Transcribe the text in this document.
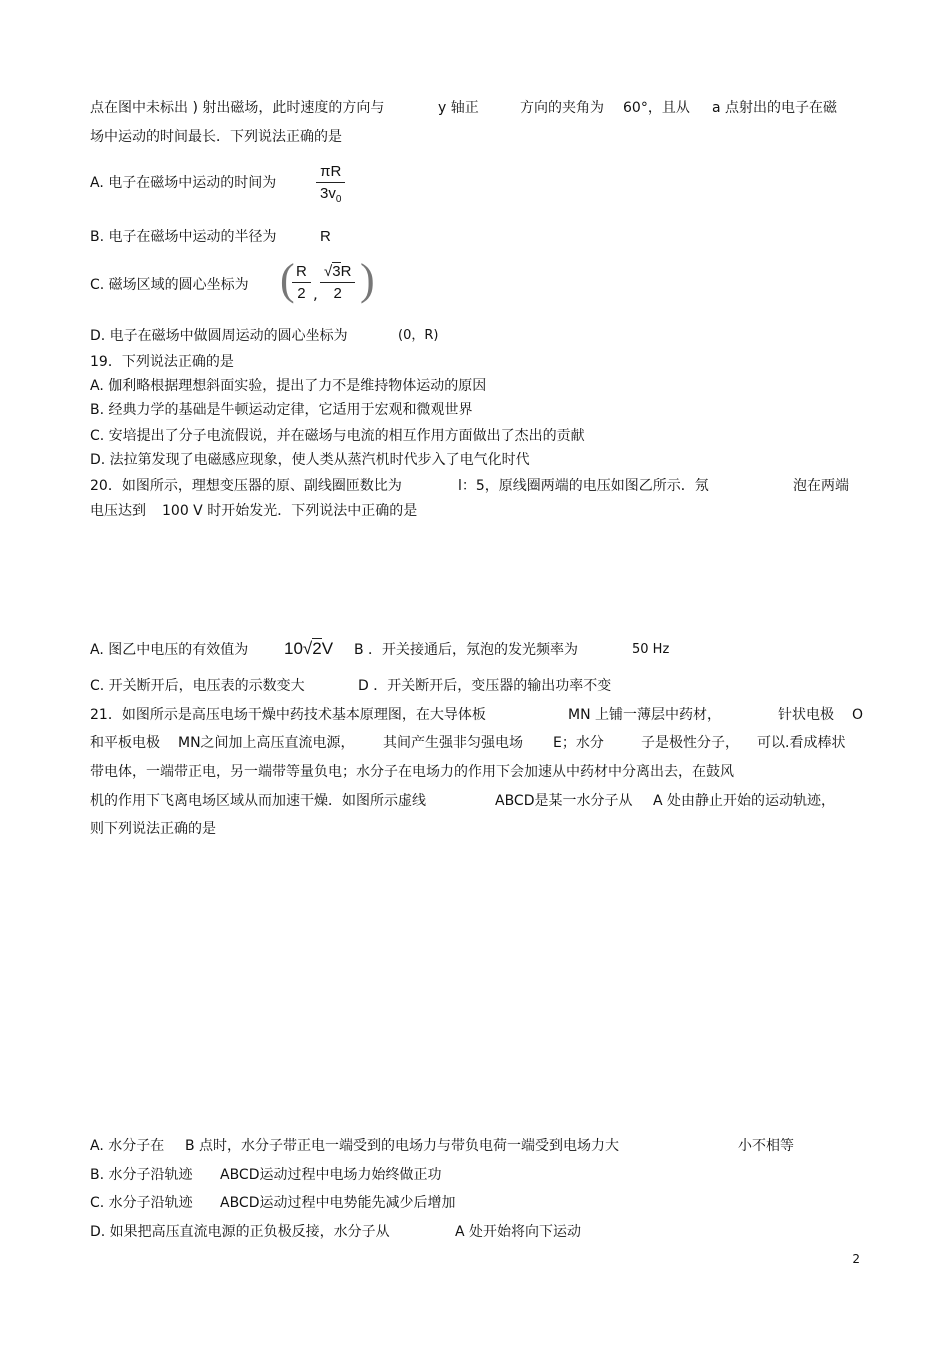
点在图中未标出 ) 射出磁场，此时速度的方向与	y 轴正	方向的夹角为 60°，且从 a 点射出的电子在磁
场中运动的时间最长．下列说法正确的是
A. 电子在磁场中运动的时间为
πR
$3v_0$
B. 电子在磁场中运动的半径为	R
C. 磁场区域的圆心坐标为 ( R
2 ,
√3R
2 )
D. 电子在磁场中做圆周运动的圆心坐标为	(0，R)
19．下列说法正确的是
A. 伽利略根据理想斜面实验，提出了力不是维持物体运动的原因
B. 经典力学的基础是牛顿运动定律，它适用于宏观和微观世界
C. 安培提出了分子电流假说，并在磁场与电流的相互作用方面做出了杰出的贡献
D. 法拉第发现了电磁感应现象，使人类从蒸汽机时代步入了电气化时代
20．如图所示，理想变压器的原、副线圈匝数比为	l：5，原线圈两端的电压如图乙所示．氖	泡在两端
电压达到 100 V 时开始发光．下列说法中正确的是
A. 图乙中电压的有效值为 10√2V B ．开关接通后，氖泡的发光频率为	50 Hz
C. 开关断开后，电压表的示数变大	D ．开关断开后，变压器的输出功率不变
21．如图所示是高压电场干燥中药技术基本原理图，在大导体板	MN 上铺一薄层中药材，	针状电极 O
和平板电极 MN之间加上高压直流电源， 其间产生强非匀强电场 E；水分	子是极性分子， 可以.看成棒状
带电体，一端带正电，另一端带等量负电；水分子在电场力的作用下会加速从中药材中分离出去，在鼓风
机的作用下飞离电场区域从而加速干燥．如图所示虚线	ABCD是某一水分子从 A 处由静止开始的运动轨迹，
则下列说法正确的是
A. 水分子在 B 点时，水分子带正电一端受到的电场力与带负电荷一端受到电场力大	小不相等
B. 水分子沿轨迹 ABCD运动过程中电场力始终做正功
C. 水分子沿轨迹 ABCD运动过程中电势能先减少后增加
D. 如果把高压直流电源的正负极反接，水分子从	A 处开始将向下运动
2
